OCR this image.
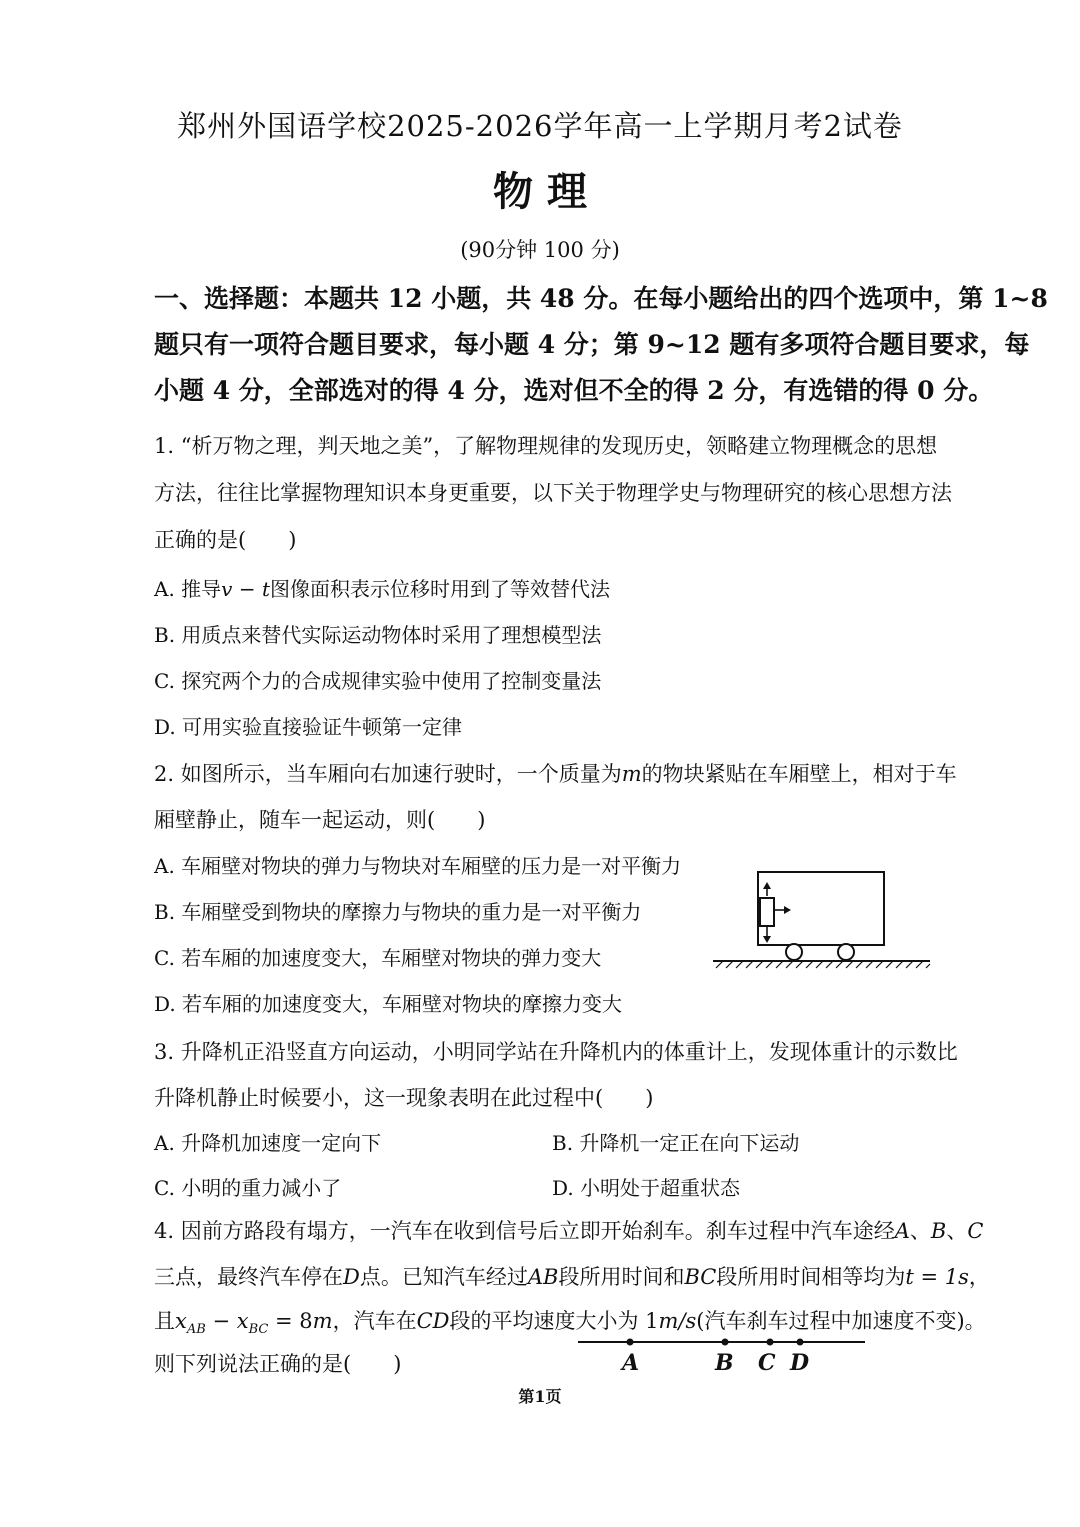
郑州外国语学校2025-2026学年高一上学期月考2试卷
物 理
(90分钟 100 分)
一、选择题：本题共 12 小题，共 48 分。在每小题给出的四个选项中，第 1~8
题只有一项符合题目要求，每小题 4 分；第 9~12 题有多项符合题目要求，每
小题 4 分，全部选对的得 4 分，选对但不全的得 2 分，有选错的得 0 分。
1. “析万物之理，判天地之美”，了解物理规律的发现历史，领略建立物理概念的思想
方法，往往比掌握物理知识本身更重要，以下关于物理学史与物理研究的核心思想方法
正确的是(　　)
A. 推导v − t图像面积表示位移时用到了等效替代法
B. 用质点来替代实际运动物体时采用了理想模型法
C. 探究两个力的合成规律实验中使用了控制变量法
D. 可用实验直接验证牛顿第一定律
2. 如图所示，当车厢向右加速行驶时，一个质量为m的物块紧贴在车厢壁上，相对于车
厢壁静止，随车一起运动，则(　　)
A. 车厢壁对物块的弹力与物块对车厢壁的压力是一对平衡力
B. 车厢壁受到物块的摩擦力与物块的重力是一对平衡力
C. 若车厢的加速度变大，车厢壁对物块的弹力变大
D. 若车厢的加速度变大，车厢壁对物块的摩擦力变大
3. 升降机正沿竖直方向运动，小明同学站在升降机内的体重计上，发现体重计的示数比
升降机静止时候要小，这一现象表明在此过程中(　　)
A. 升降机加速度一定向下	B. 升降机一定正在向下运动
C. 小明的重力减小了	D. 小明处于超重状态
4. 因前方路段有塌方，一汽车在收到信号后立即开始刹车。刹车过程中汽车途经A、B、C
三点，最终汽车停在D点。已知汽车经过AB段所用时间和BC段所用时间相等均为t = 1s，
且$x_{AB} - x_{BC} = 8m$，汽车在CD段的平均速度大小为 1m/s(汽车刹车过程中加速度不变)。
则下列说法正确的是(　　)	A	B C D
第1页
